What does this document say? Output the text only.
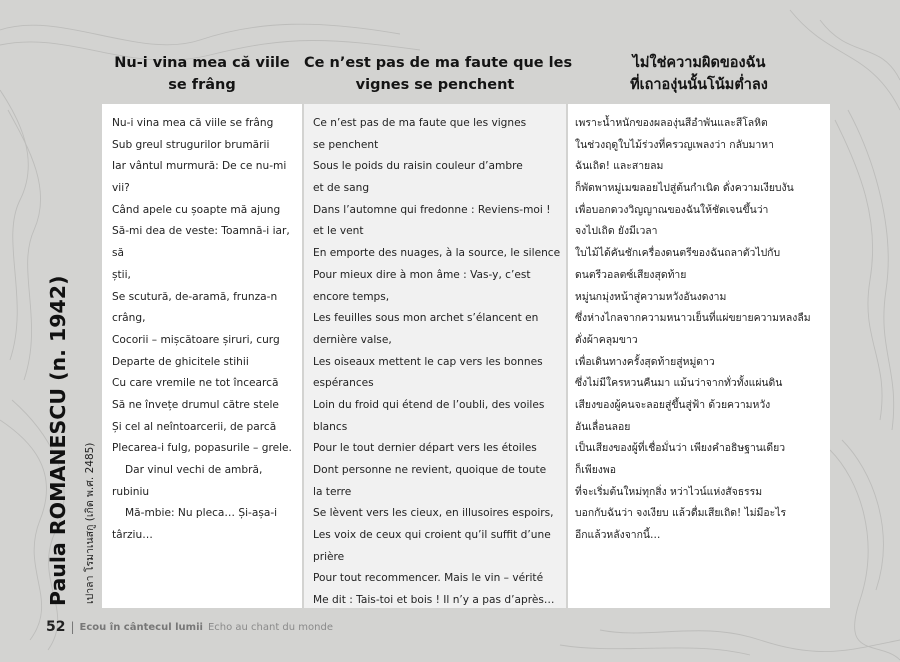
Nu-i vina mea că viile
se frâng
Ce n’est pas de ma faute que les
vignes se penchent
ไม่ใช่ความผิดของฉัน
ที่เถาองุ่นนั้นโน้มต่ำลง
Nu-i vina mea că viile se frâng
Sub greul strugurilor brumării
Iar vântul murmură: De ce nu-mi
vii?
Când apele cu șoapte mă ajung
Să-mi dea de veste: Toamnă-i iar,
să
știi,
Se scutură, de-aramă, frunza-n
crâng,
Cocorii – mișcătoare șiruri, curg
Departe de ghicitele stihii
Cu care vremile ne tot încearcă
Să ne învețe drumul către stele
Și cel al neîntoarcerii, de parcă
Plecarea-i fulg, popasurile – grele.
Dar vinul vechi de ambră,
rubiniu
Mă-mbie: Nu pleca… Și-așa-i
târziu…
Ce n’est pas de ma faute que les vignes
se penchent
Sous le poids du raisin couleur d’ambre
et de sang
Dans l’automne qui fredonne : Reviens-moi !
et le vent
En emporte des nuages, à la source, le silence
Pour mieux dire à mon âme : Vas-y, c’est
encore temps,
Les feuilles sous mon archet s’élancent en
dernière valse,
Les oiseaux mettent le cap vers les bonnes
espérances
Loin du froid qui étend de l’oubli, des voiles
blancs
Pour le tout dernier départ vers les étoiles
Dont personne ne revient, quoique de toute
la terre
Se lèvent vers les cieux, en illusoires espoirs,
Les voix de ceux qui croient qu’il suffit d’une
prière
Pour tout recommencer. Mais le vin – vérité
Me dit : Tais-toi et bois ! Il n’y a pas d’après…
เพราะน้ำหนักของผลองุ่นสีอำพันและสีโลหิต
ในช่วงฤดูใบไม้ร่วงที่ครวญเพลงว่า กลับมาหา
ฉันเถิด! และสายลม
ก็พัดพาหมู่เมฆลอยไปสู่ต้นกำเนิด ดั่งความเงียบงัน
เพื่อบอกดวงวิญญาณของฉันให้ชัดเจนขึ้นว่า
จงไปเถิด ยังมีเวลา
ใบไม้ได้คันชักเครื่องดนตรีของฉันถลาตัวไปกับ
ดนตรีวอลตซ์เสียงสุดท้าย
หมู่นกมุ่งหน้าสู่ความหวังอันงดงาม
ซึ่งห่างไกลจากความหนาวเย็นที่แผ่ขยายความหลงลืม
ดั่งผ้าคลุมขาว
เพื่อเดินทางครั้งสุดท้ายสู่หมู่ดาว
ซึ่งไม่มีใครหวนคืนมา แม้นว่าจากทั่วทั้งแผ่นดิน
เสียงของผู้คนจะลอยสู่ขึ้นสู่ฟ้า ด้วยความหวัง
อันเลื่อนลอย
เป็นเสียงของผู้ที่เชื่อมั่นว่า เพียงคำอธิษฐานเดียว
ก็เพียงพอ
ที่จะเริ่มต้นใหม่ทุกสิ่ง หว่าไวน์แห่งสัจธรรม
บอกกับฉันว่า จงเงียบ แล้วดื่มเสียเถิด! ไม่มีอะไร
อีกแล้วหลังจากนี้…
Paula ROMANESCU (n. 1942) เปาลา โรมาเนสกู (เกิด พ.ศ. 2485)
52 | Ecou în cântecul lumii Echo au chant du monde
